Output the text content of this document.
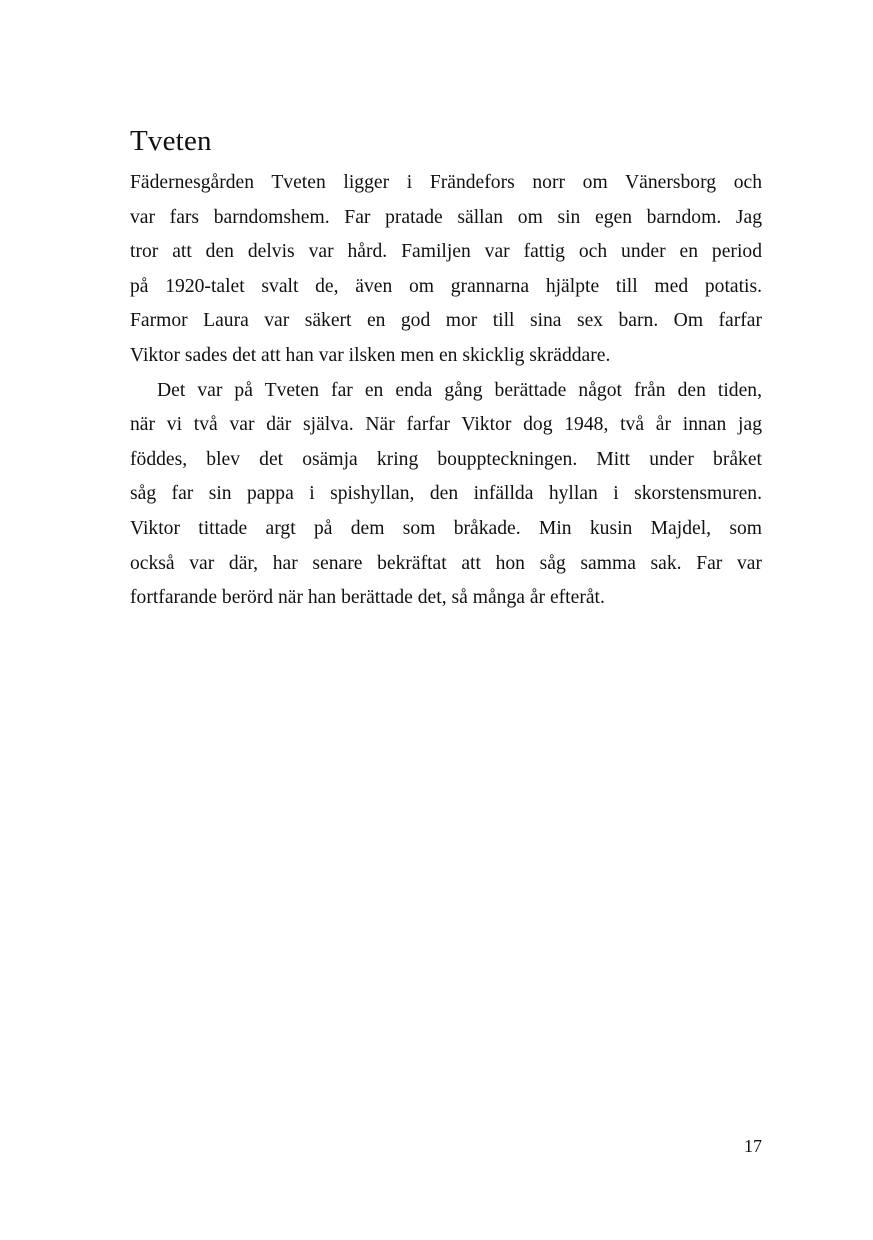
Tveten

Fädernesgården Tveten ligger i Frändefors norr om Vänersborg och
var fars barndomshem. Far pratade sällan om sin egen barndom. Jag
tror att den delvis var hård. Familjen var fattig och under en period
på 1920-talet svalt de, även om grannarna hjälpte till med potatis.
Farmor Laura var säkert en god mor till sina sex barn. Om farfar
Viktor sades det att han var ilsken men en skicklig skräddare.

Det var på Tveten far en enda gång berättade något från den tiden,
när vi två var där själva. När farfar Viktor dog 1948, två år innan jag
föddes, blev det osämja kring bouppteckningen. Mitt under bråket
såg far sin pappa i spishyllan, den infällda hyllan i skorstensmuren.
Viktor tittade argt på dem som bråkade. Min kusin Majdel, som
också var där, har senare bekräftat att hon såg samma sak. Far var
fortfarande berörd när han berättade det, så många år efteråt.

17
